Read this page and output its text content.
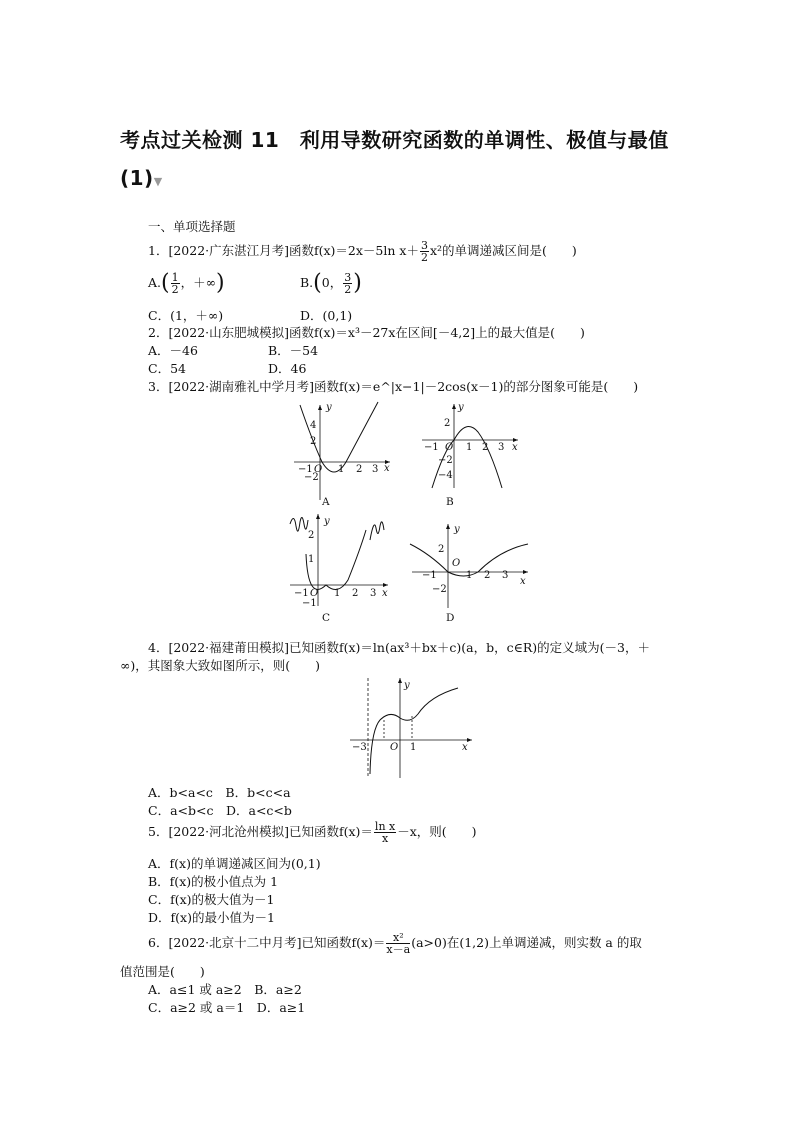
考点过关检测 11　利用导数研究函数的单调性、极值与最值
(1)▼
一、单项选择题
1．[2022·广东湛江月考]函数f(x)＝2x－5ln $x+ \frac{3}{2} x^2$的单调递减区间是(　　)
$A.( \frac{1}{2}$ ，＋∞)	B.(0， $\frac{3}{2}$ )
C．(1，＋∞)	D．(0,1)
2．[2022·山东肥城模拟]函数f(x)＝x³－27x在区间[－4,2]上的最大值是(　　)
A．－46	B．－54
C．54	D．46
3．[2022·湖南雅礼中学月考]函数f(x)＝e^|x−1|－2cos(x－1)的部分图象可能是(　　)
y
x
O
−1	1 2 3
4
2
−2
A
y
x
O
−1	1 2 3
2
−2
−4
B
y
x
O
−1	1 2 3
2
1
−1
C
y
x
O
−1	1 2 3
2
−2
D
4．[2022·福建莆田模拟]已知函数f(x)＝ln(ax³＋bx＋c)(a，b，c∈R)的定义域为(－3，＋
∞)，其图象大致如图所示，则(　　)
y
x
−3 O 1
A．b<a<c　B．b<c<a
C．a<b<c　D．a<c<b
5．[2022·河北沧州模拟]已知函数$f(x)= \frac{\text{ln x}}{x} -x$，则(　　)
A．f(x)的单调递减区间为(0,1)
B．f(x)的极小值点为 1
C．f(x)的极大值为－1
D．f(x)的最小值为－1
6．[2022·北京十二中月考]已知函数$f(x)= \frac{\text{x²}}{x-a} (a>0)$在(1,2)上单调递减，则实数 a 的取
值范围是(　　)
A．a≤1 或 a≥2　B．a≥2
C．a≥2 或 a＝1　D．a≥1
